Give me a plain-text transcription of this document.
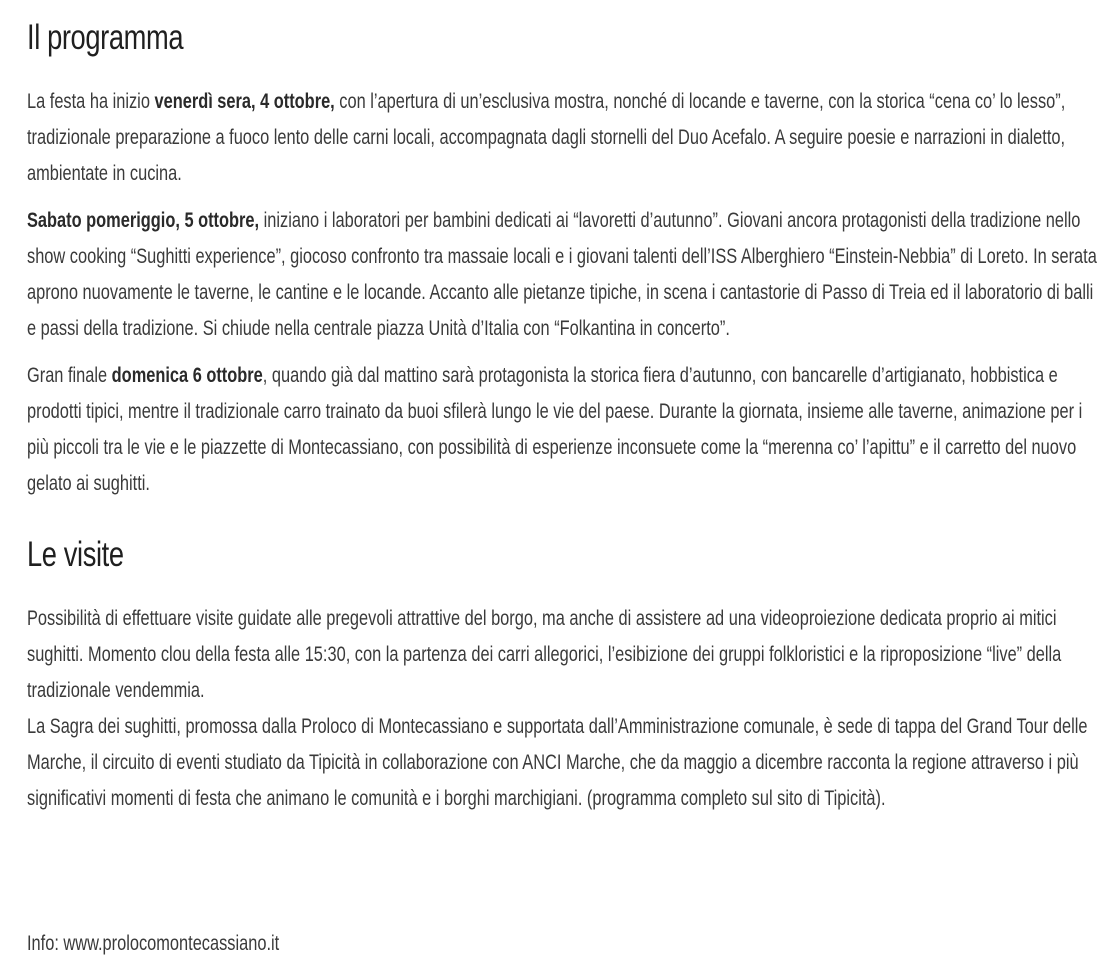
Il programma

La festa ha inizio venerdì sera, 4 ottobre, con l’apertura di un’esclusiva mostra, nonché di locande e taverne, con la storica “cena co’ lo lesso”, tradizionale preparazione a fuoco lento delle carni locali, accompagnata dagli stornelli del Duo Acefalo. A seguire poesie e narrazioni in dialetto, ambientate in cucina.

Sabato pomeriggio, 5 ottobre, iniziano i laboratori per bambini dedicati ai “lavoretti d’autunno”. Giovani ancora protagonisti della tradizione nello show cooking “Sughitti experience”, giocoso confronto tra massaie locali e i giovani talenti dell’ISS Alberghiero “Einstein-Nebbia” di Loreto. In serata aprono nuovamente le taverne, le cantine e le locande. Accanto alle pietanze tipiche, in scena i cantastorie di Passo di Treia ed il laboratorio di balli e passi della tradizione. Si chiude nella centrale piazza Unità d’Italia con “Folkantina in concerto”.

Gran finale domenica 6 ottobre, quando già dal mattino sarà protagonista la storica fiera d’autunno, con bancarelle d’artigianato, hobbistica e prodotti tipici, mentre il tradizionale carro trainato da buoi sfilerà lungo le vie del paese. Durante la giornata, insieme alle taverne, animazione per i più piccoli tra le vie e le piazzette di Montecassiano, con possibilità di esperienze inconsuete come la “merenna co’ l’apittu” e il carretto del nuovo gelato ai sughitti.

Le visite

Possibilità di effettuare visite guidate alle pregevoli attrattive del borgo, ma anche di assistere ad una videoproiezione dedicata proprio ai mitici sughitti. Momento clou della festa alle 15:30, con la partenza dei carri allegorici, l’esibizione dei gruppi folkloristici e la riproposizione “live” della tradizionale vendemmia.

La Sagra dei sughitti, promossa dalla Proloco di Montecassiano e supportata dall’Amministrazione comunale, è sede di tappa del Grand Tour delle Marche, il circuito di eventi studiato da Tipicità in collaborazione con ANCI Marche, che da maggio a dicembre racconta la regione attraverso i più significativi momenti di festa che animano le comunità e i borghi marchigiani. (programma completo sul sito di Tipicità).

Info: www.prolocomontecassiano.it
